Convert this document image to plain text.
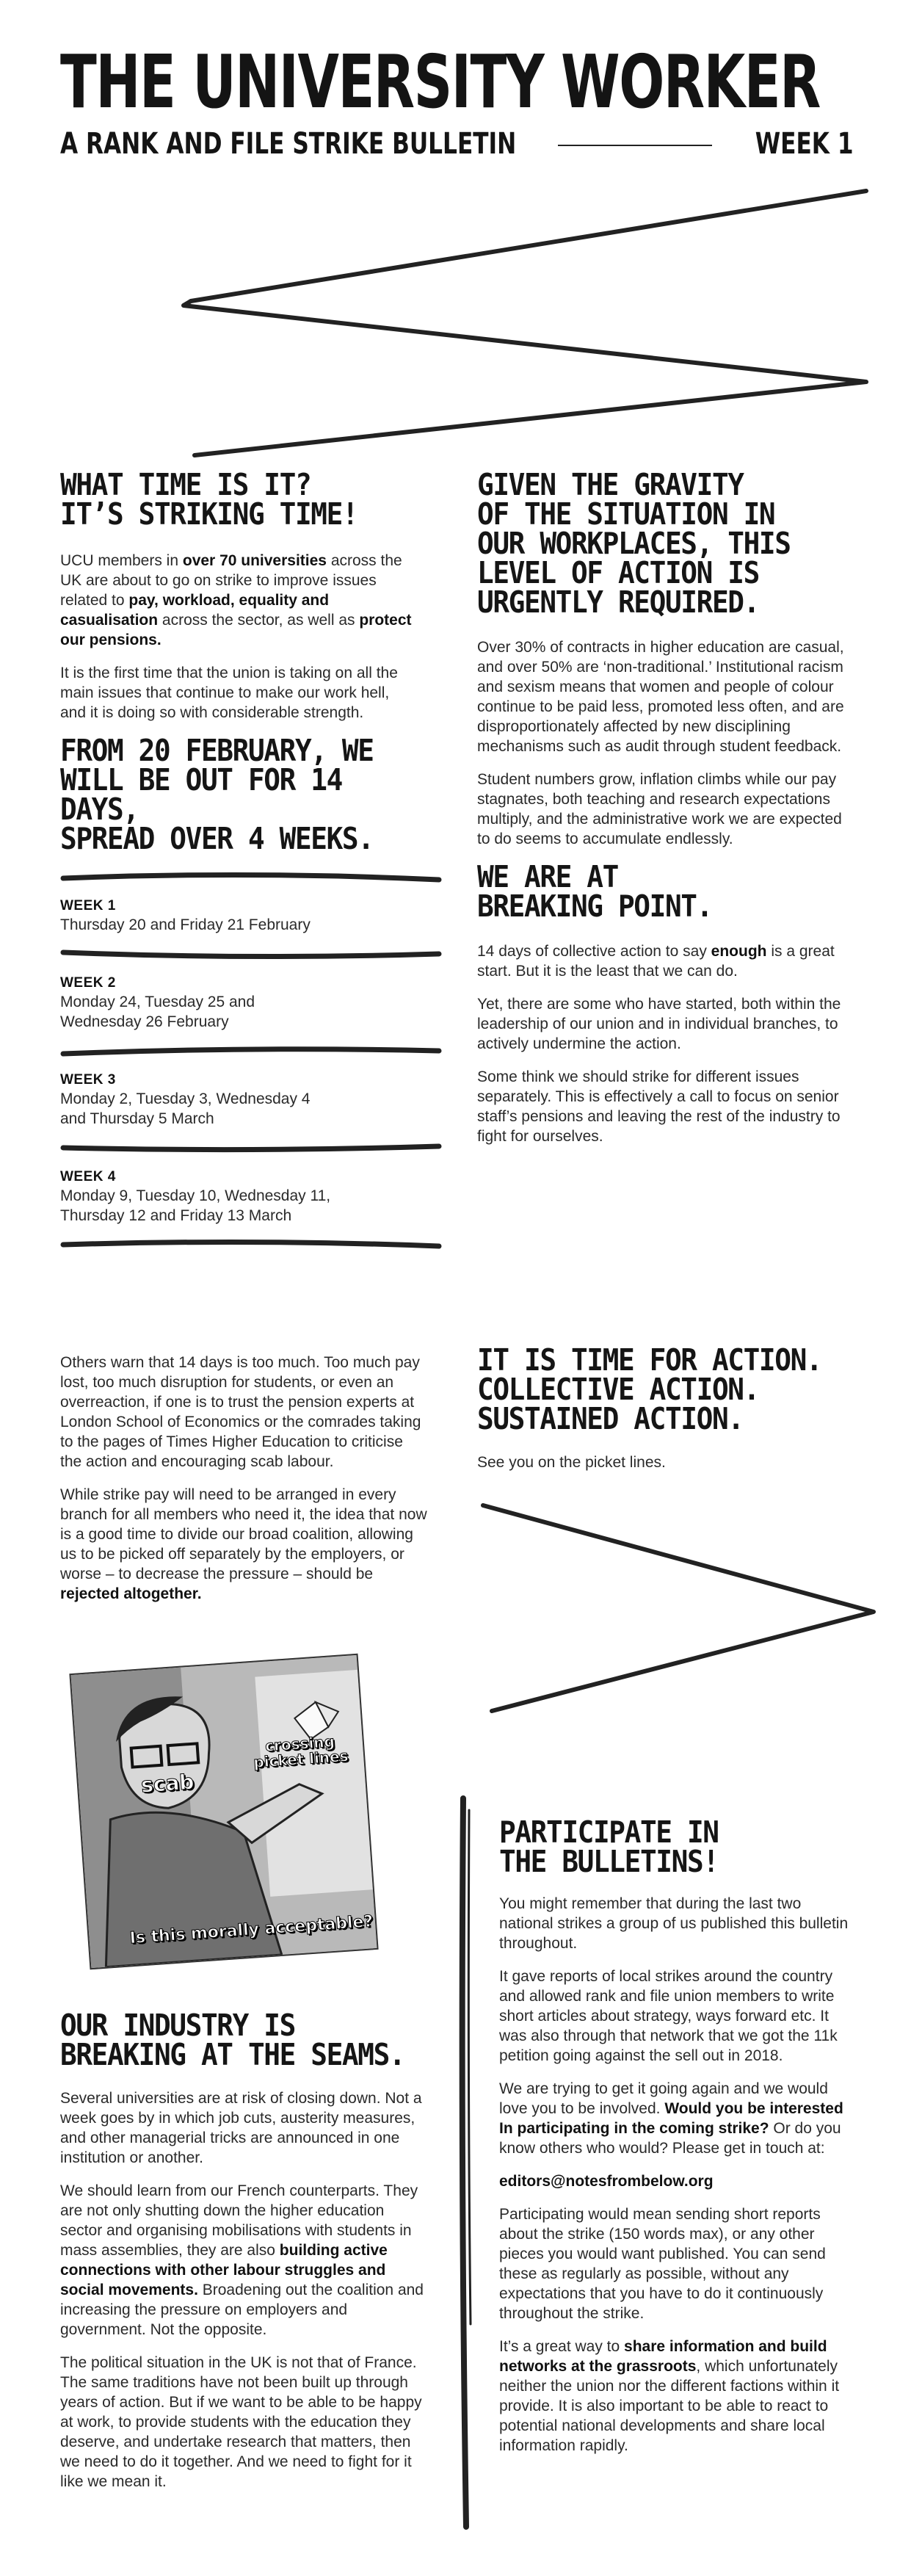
THE UNIVERSITY WORKER
A RANK AND FILE STRIKE BULLETIN	WEEK 1
WHAT TIME IS IT?
IT’S STRIKING TIME!

UCU members in over 70 universities across the UK are about to go on strike to improve issues related to pay, workload, equality and casualisation across the sector, as well as protect our pensions.

It is the first time that the union is taking on all the main issues that continue to make our work hell, and it is doing so with considerable strength.

FROM 20 FEBRUARY, WE
WILL BE OUT FOR 14 DAYS,
SPREAD OVER 4 WEEKS.
WEEK 1
Thursday 20 and Friday 21 February
WEEK 2
Monday 24, Tuesday 25 and
Wednesday 26 February
WEEK 3
Monday 2, Tuesday 3, Wednesday 4
and Thursday 5 March
WEEK 4
Monday 9, Tuesday 10, Wednesday 11,
Thursday 12 and Friday 13 March
GIVEN THE GRAVITY
OF THE SITUATION IN
OUR WORKPLACES, THIS
LEVEL OF ACTION IS
URGENTLY REQUIRED.

Over 30% of contracts in higher education are casual, and over 50% are ‘non-traditional.’ Institutional racism and sexism means that women and people of colour continue to be paid less, promoted less often, and are disproportionately affected by new disciplining mechanisms such as audit through student feedback.

Student numbers grow, inflation climbs while our pay stagnates, both teaching and research expectations multiply, and the administrative work we are expected to do seems to accumulate endlessly.

WE ARE AT
BREAKING POINT.

14 days of collective action to say enough is a great start. But it is the least that we can do.

Yet, there are some who have started, both within the leadership of our union and in individual branches, to actively undermine the action.

Some think we should strike for different issues separately. This is effectively a call to focus on senior staff’s pensions and leaving the rest of the industry to fight for ourselves.

Others warn that 14 days is too much. Too much pay lost, too much disruption for students, or even an overreaction, if one is to trust the pension experts at London School of Economics or the comrades taking to the pages of Times Higher Education to criticise the action and encouraging scab labour.

While strike pay will need to be arranged in every branch for all members who need it, the idea that now is a good time to divide our broad coalition, allowing us to be picked off separately by the employers, or worse – to decrease the pressure – should be rejected altogether.

crossing
picket lines
scab
Is this morally acceptable?
OUR INDUSTRY IS
BREAKING AT THE SEAMS.

Several universities are at risk of closing down. Not a week goes by in which job cuts, austerity measures, and other managerial tricks are announced in one institution or another.

We should learn from our French counterparts. They are not only shutting down the higher education sector and organising mobilisations with students in mass assemblies, they are also building active connections with other labour struggles and social movements. Broadening out the coalition and increasing the pressure on employers and government. Not the opposite.

The political situation in the UK is not that of France. The same traditions have not been built up through years of action. But if we want to be able to be happy at work, to provide students with the education they deserve, and undertake research that matters, then we need to do it together. And we need to fight for it like we mean it.

IT IS TIME FOR ACTION.
COLLECTIVE ACTION.
SUSTAINED ACTION.
See you on the picket lines.
PARTICIPATE IN
THE BULLETINS!

You might remember that during the last two national strikes a group of us published this bulletin throughout.

It gave reports of local strikes around the country and allowed rank and file union members to write short articles about strategy, ways forward etc. It was also through that network that we got the 11k petition going against the sell out in 2018.

We are trying to get it going again and we would love you to be involved. Would you be interested In participating in the coming strike? Or do you know others who would? Please get in touch at:

editors@notesfrombelow.org

Participating would mean sending short reports about the strike (150 words max), or any other pieces you would want published. You can send these as regularly as possible, without any expectations that you have to do it continuously throughout the strike.

It’s a great way to share information and build networks at the grassroots, which unfortunately neither the union nor the different factions within it provide. It is also important to be able to react to potential national developments and share local information rapidly.
